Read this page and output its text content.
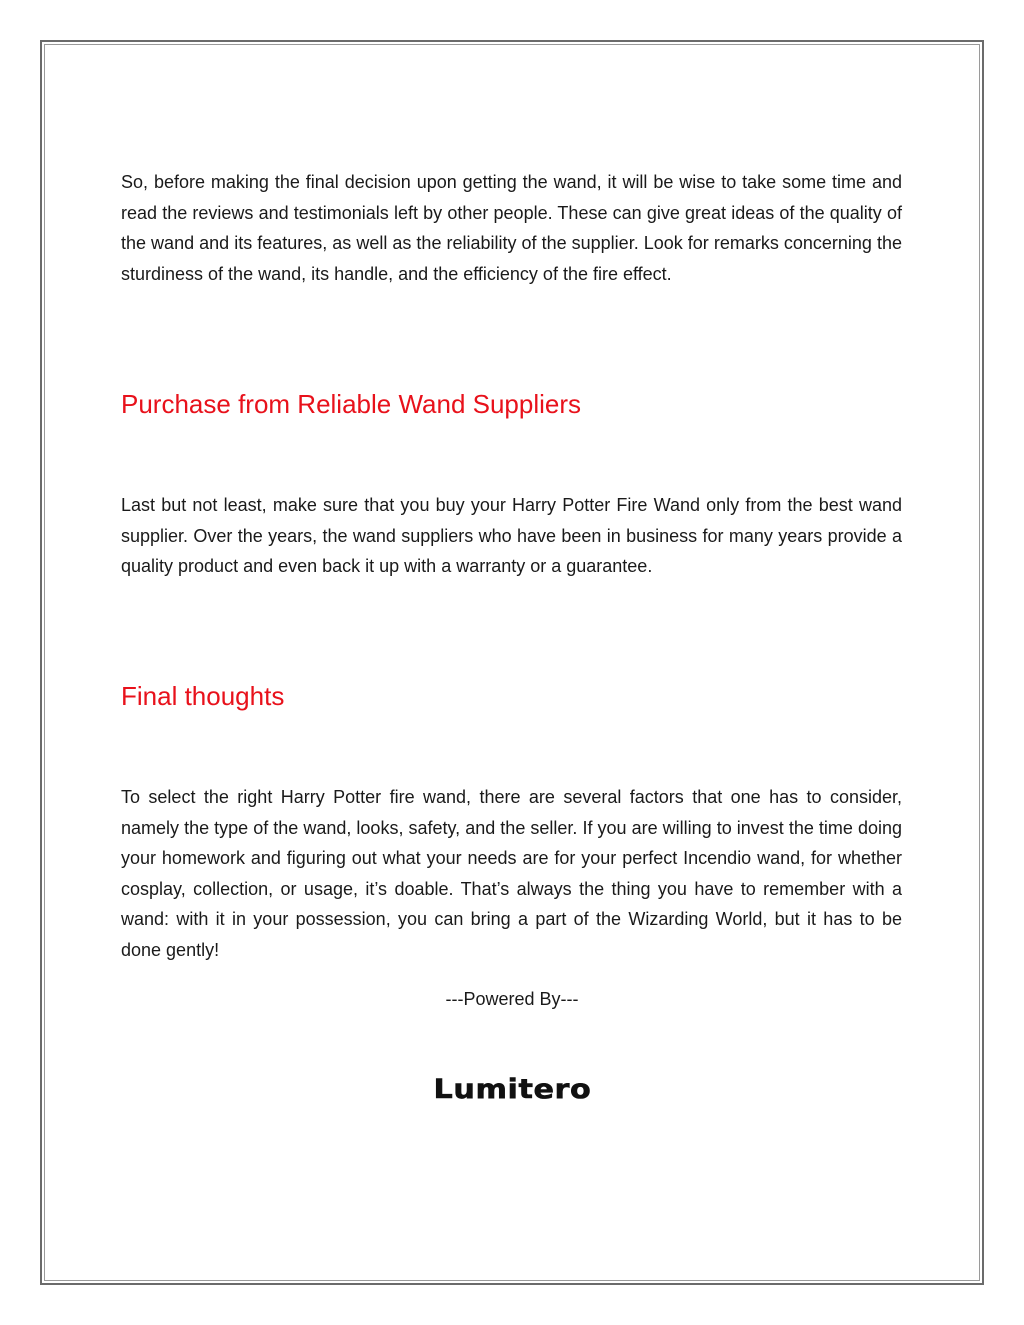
So, before making the final decision upon getting the wand, it will be wise to take some time and read the reviews and testimonials left by other people. These can give great ideas of the quality of the wand and its features, as well as the reliability of the supplier. Look for remarks concerning the sturdiness of the wand, its handle, and the efficiency of the fire effect.

Purchase from Reliable Wand Suppliers

Last but not least, make sure that you buy your Harry Potter Fire Wand only from the best wand supplier. Over the years, the wand suppliers who have been in business for many years provide a quality product and even back it up with a warranty or a guarantee.

Final thoughts

To select the right Harry Potter fire wand, there are several factors that one has to consider, namely the type of the wand, looks, safety, and the seller. If you are willing to invest the time doing your homework and figuring out what your needs are for your perfect Incendio wand, for whether cosplay, collection, or usage, it’s doable. That’s always the thing you have to remember with a wand: with it in your possession, you can bring a part of the Wizarding World, but it has to be done gently!

---Powered By---

Lumitero
